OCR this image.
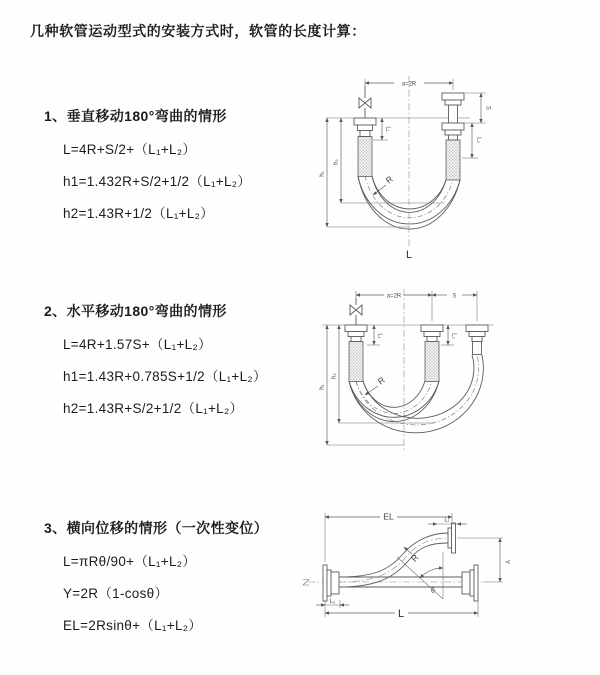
几种软管运动型式的安装方式时，软管的长度计算：
1、垂直移动180°弯曲的情形
L=4R+S/2+（L₁+L₂）
h1=1.432R+S/2+1/2（L₁+L₂）
h2=1.43R+1/2（L₁+L₂）
2、水平移动180°弯曲的情形
L=4R+1.57S+（L₁+L₂）
h1=1.43R+0.785S+1/2（L₁+L₂）
h2=1.43R+S/2+1/2（L₁+L₂）
3、横向位移的情形（一次性变位）
L=πRθ/90+（L₁+L₂）
Y=2R（1-cosθ）
EL=2Rsinθ+（L₁+L₂）
a=2R
S
L₂
L₁
h₂
h₁	R
L
a=2R	S
L₁	L₂
h₁
h₂	R
EL	L₁
L₂
Y
R
θ
L
